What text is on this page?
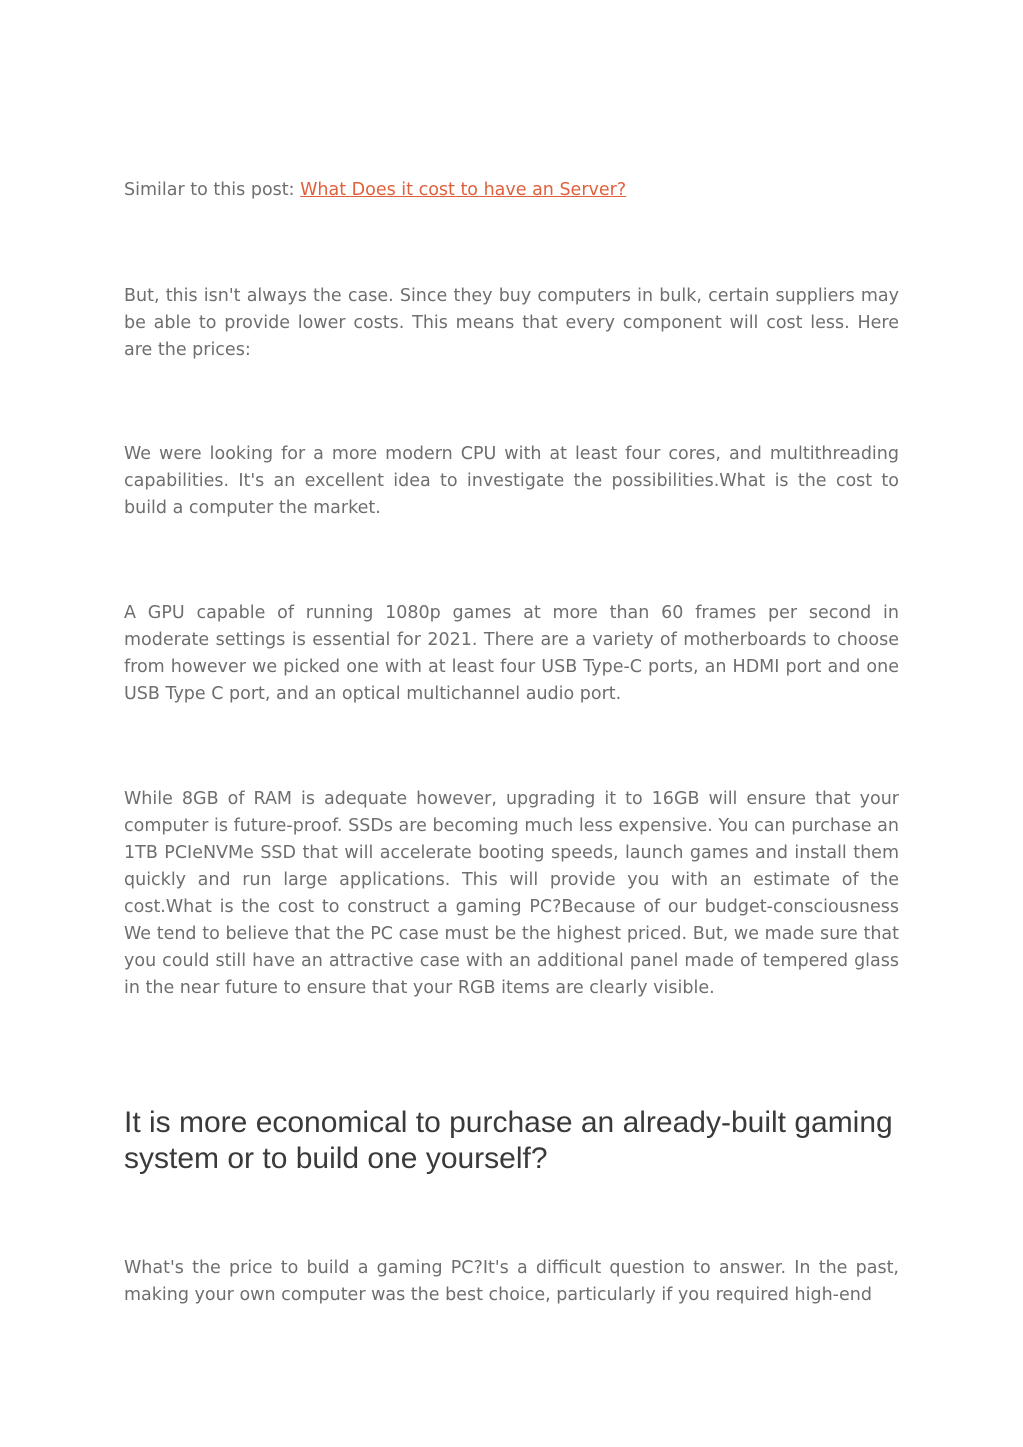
Similar to this post: What Does it cost to have an Server?

But, this isn't always the case. Since they buy computers in bulk, certain suppliers may be able to provide lower costs. This means that every component will cost less. Here are the prices:

We were looking for a more modern CPU with at least four cores, and multithreading capabilities. It's an excellent idea to investigate the possibilities.What is the cost to build a computer the market.

A GPU capable of running 1080p games at more than 60 frames per second in moderate settings is essential for 2021. There are a variety of motherboards to choose from however we picked one with at least four USB Type-C ports, an HDMI port and one USB Type C port, and an optical multichannel audio port.

While 8GB of RAM is adequate however, upgrading it to 16GB will ensure that your computer is future-proof. SSDs are becoming much less expensive. You can purchase an 1TB PCIeNVMe SSD that will accelerate booting speeds, launch games and install them quickly and run large applications. This will provide you with an estimate of the cost.What is the cost to construct a gaming PC?Because of our budget-consciousness We tend to believe that the PC case must be the highest priced. But, we made sure that you could still have an attractive case with an additional panel made of tempered glass in the near future to ensure that your RGB items are clearly visible.

It is more economical to purchase an already-built gaming system or to build one yourself?

What's the price to build a gaming PC?It's a difficult question to answer. In the past, making your own computer was the best choice, particularly if you required high-end
